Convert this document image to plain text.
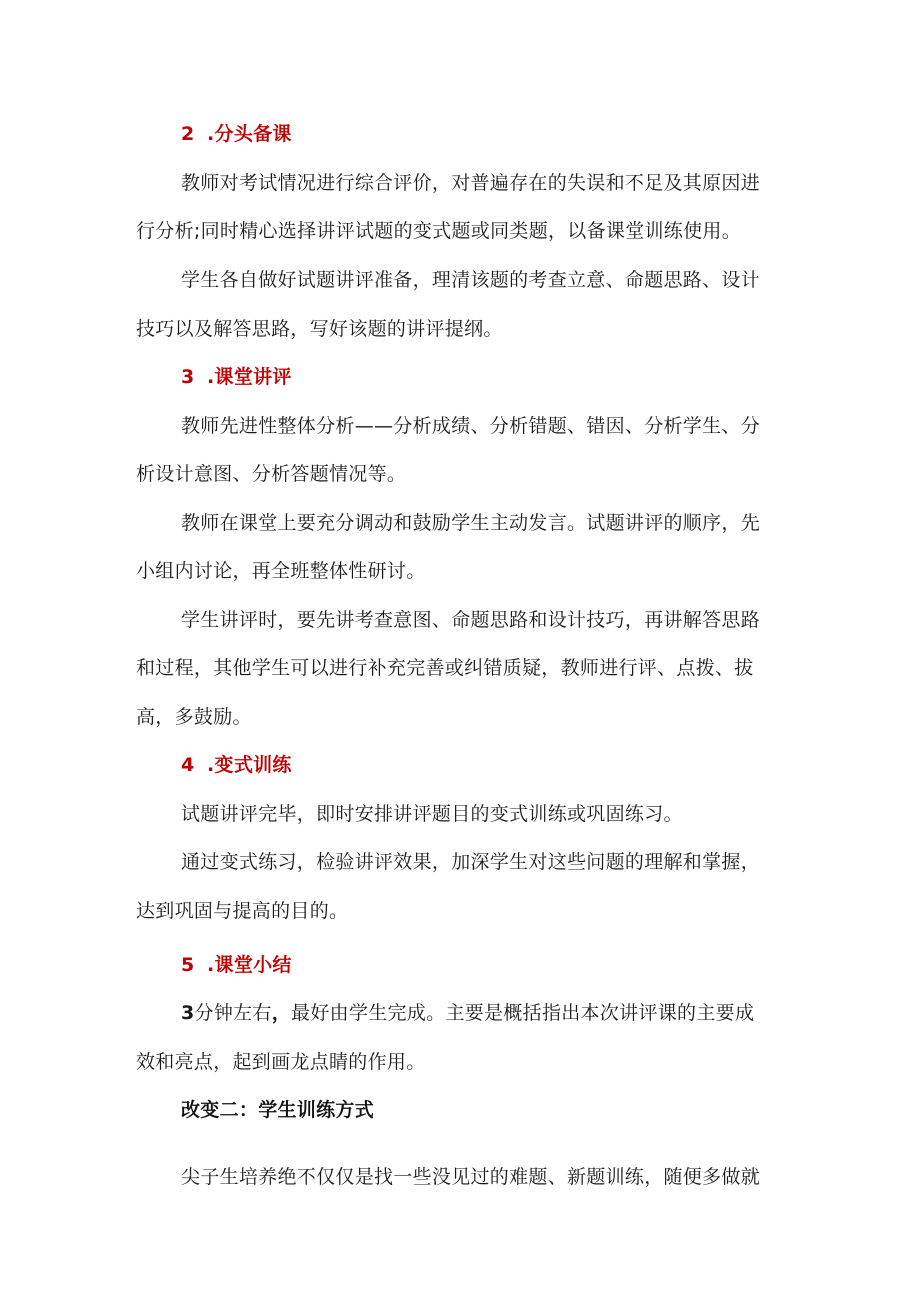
2 .分头备课
教师对考试情况进行综合评价，对普遍存在的失误和不足及其原因进
行分析;同时精心选择讲评试题的变式题或同类题，以备课堂训练使用。
学生各自做好试题讲评准备，理清该题的考查立意、命题思路、设计
技巧以及解答思路，写好该题的讲评提纲。
3 .课堂讲评
教师先进性整体分析——分析成绩、分析错题、错因、分析学生、分
析设计意图、分析答题情况等。
教师在课堂上要充分调动和鼓励学生主动发言。试题讲评的顺序，先
小组内讨论，再全班整体性研讨。
学生讲评时，要先讲考查意图、命题思路和设计技巧，再讲解答思路
和过程，其他学生可以进行补充完善或纠错质疑，教师进行评、点拨、拔
高，多鼓励。
4 .变式训练
试题讲评完毕，即时安排讲评题目的变式训练或巩固练习。
通过变式练习，检验讲评效果，加深学生对这些问题的理解和掌握，
达到巩固与提高的目的。
5 .课堂小结
3分钟左右，最好由学生完成。主要是概括指出本次讲评课的主要成
效和亮点，起到画龙点睛的作用。
改变二：学生训练方式
尖子生培养绝不仅仅是找一些没见过的难题、新题训练，随便多做就
